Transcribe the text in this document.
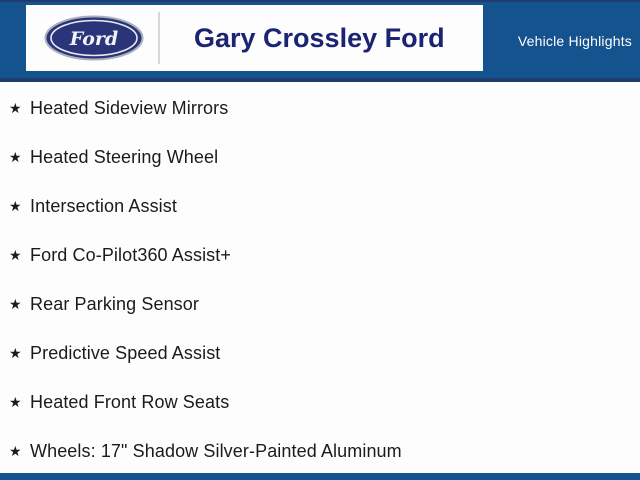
Ford	Gary Crossley Ford	Vehicle Highlights
★ Heated Sideview Mirrors
★ Heated Steering Wheel
★ Intersection Assist
★ Ford Co-Pilot360 Assist+
★ Rear Parking Sensor
★ Predictive Speed Assist
★ Heated Front Row Seats
★ Wheels: 17" Shadow Silver-Painted Aluminum
